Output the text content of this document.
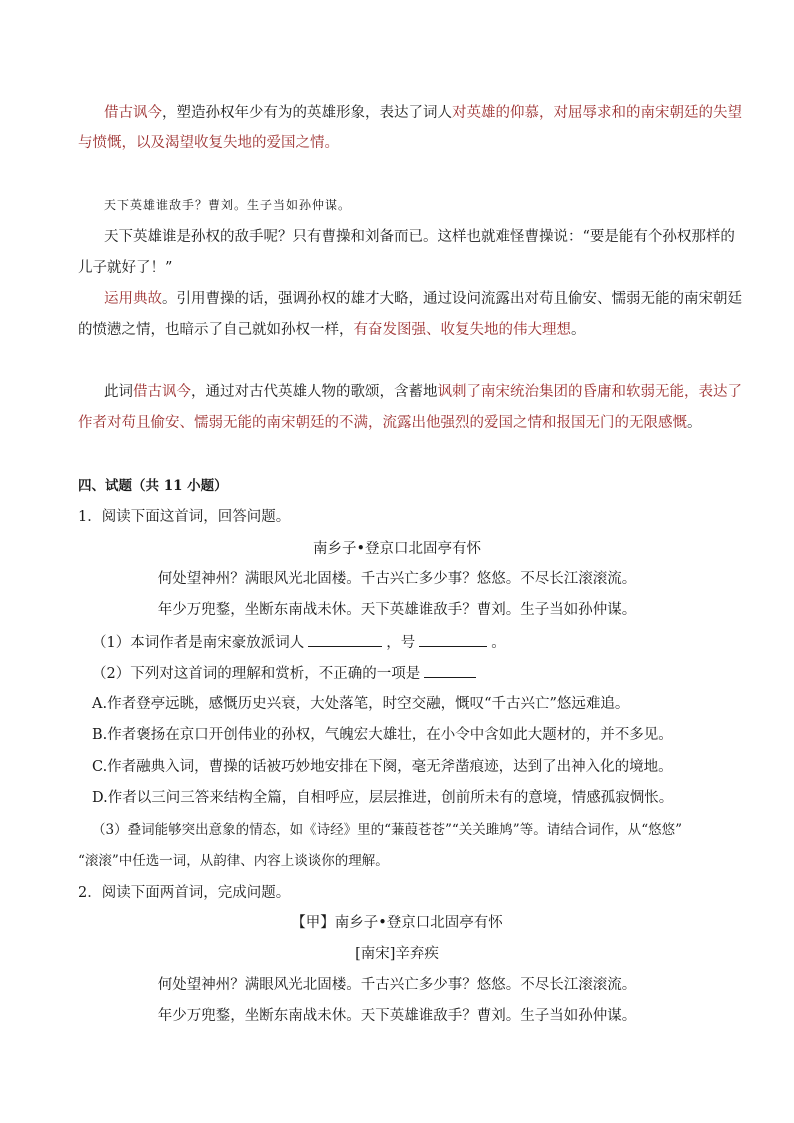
借古讽今，塑造孙权年少有为的英雄形象，表达了词人对英雄的仰慕，对屈辱求和的南宋朝廷的失望
与愤慨，以及渴望收复失地的爱国之情。
天下英雄谁敌手？曹刘。生子当如孙仲谋。
天下英雄谁是孙权的敌手呢？只有曹操和刘备而已。这样也就难怪曹操说：“要是能有个孙权那样的
儿子就好了！”
运用典故。引用曹操的话，强调孙权的雄才大略，通过设问流露出对苟且偷安、懦弱无能的南宋朝廷
的愤懑之情，也暗示了自己就如孙权一样，有奋发图强、收复失地的伟大理想。
此词借古讽今，通过对古代英雄人物的歌颂，含蓄地讽刺了南宋统治集团的昏庸和软弱无能，表达了
作者对苟且偷安、懦弱无能的南宋朝廷的不满，流露出他强烈的爱国之情和报国无门的无限感慨。
四、试题（共 11 小题）
1．阅读下面这首词，回答问题。
南乡子•登京口北固亭有怀
何处望神州？满眼风光北固楼。千古兴亡多少事？悠悠。不尽长江滚滚流。
年少万兜鍪，坐断东南战未休。天下英雄谁敌手？曹刘。生子当如孙仲谋。
（1）本词作者是南宋豪放派词人	，号	。
（2）下列对这首词的理解和赏析，不正确的一项是
A.作者登亭远眺，感慨历史兴衰，大处落笔，时空交融，慨叹“千古兴亡”悠远难追。
B.作者褒扬在京口开创伟业的孙权，气魄宏大雄壮，在小令中含如此大题材的，并不多见。
C.作者融典入词，曹操的话被巧妙地安排在下阕，毫无斧凿痕迹，达到了出神入化的境地。
D.作者以三问三答来结构全篇，自相呼应，层层推进，创前所未有的意境，情感孤寂惆怅。
（3）叠词能够突出意象的情态，如《诗经》里的“蒹葭苍苍”“关关雎鸠”等。请结合词作，从“悠悠”
“滚滚”中任选一词，从韵律、内容上谈谈你的理解。
2．阅读下面两首词，完成问题。
【甲】南乡子•登京口北固亭有怀
[南宋]辛弃疾
何处望神州？满眼风光北固楼。千古兴亡多少事？悠悠。不尽长江滚滚流。
年少万兜鍪，坐断东南战未休。天下英雄谁敌手？曹刘。生子当如孙仲谋。
